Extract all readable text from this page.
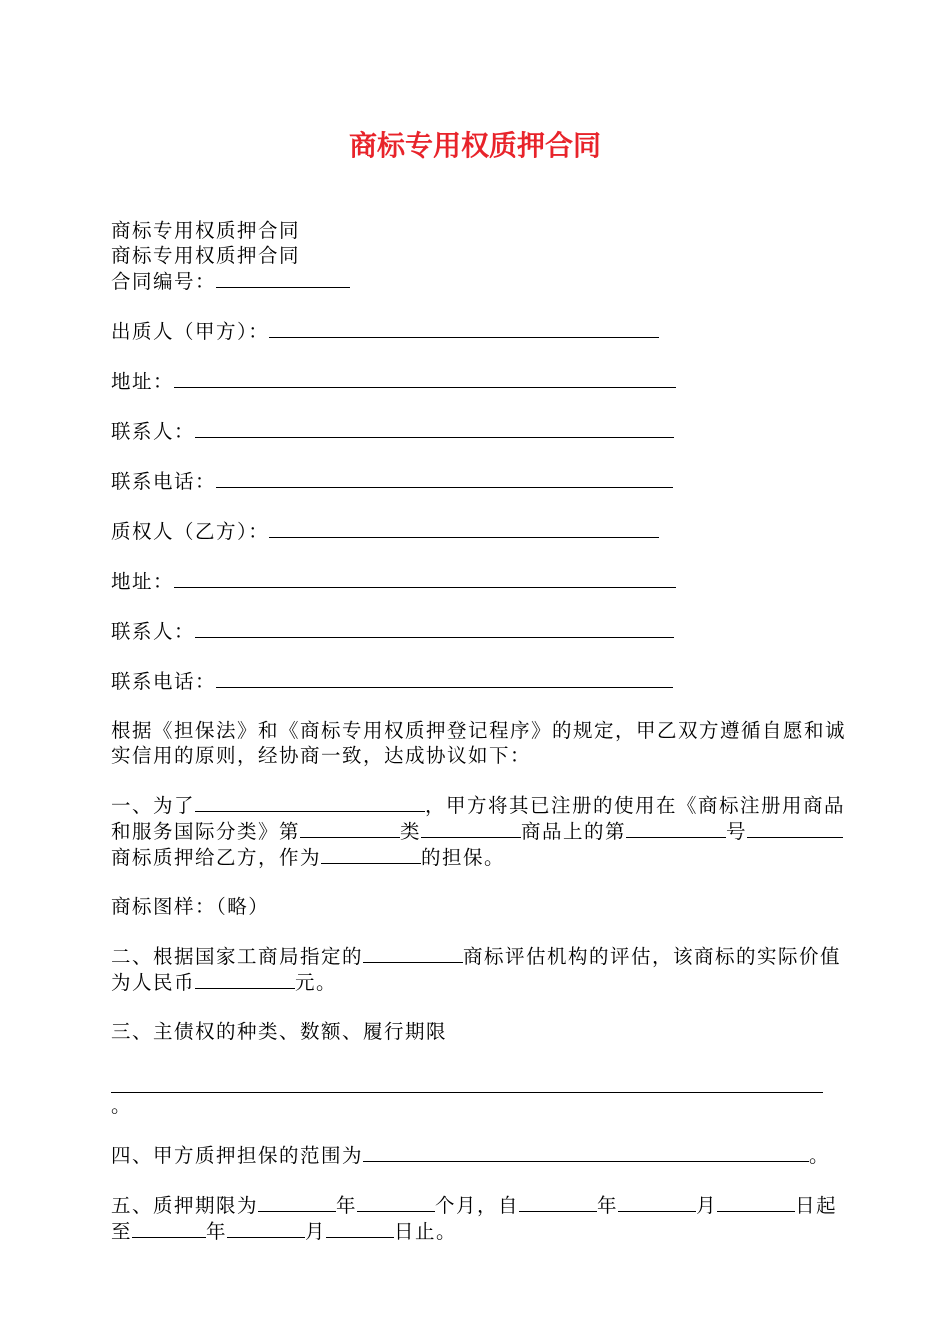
商标专用权质押合同

商标专用权质押合同

商标专用权质押合同

合同编号：

出质人（甲方）：

地址：

联系人：

联系电话：

质权人（乙方）：

地址：

联系人：

联系电话：

根据《担保法》和《商标专用权质押登记程序》的规定，甲乙双方遵循自愿和诚实信用的原则，经协商一致，达成协议如下：

一、为了	，甲方将其已注册的使用在《商标注册用商品和服务国际分类》第	类	商品上的第	号商标质押给乙方，作为	的担保。

商标图样：（略）

二、根据国家工商局指定的	商标评估机构的评估，该商标的实际价值为人民币	元。

三、主债权的种类、数额、履行期限

。

四、甲方质押担保的范围为	。

五、质押期限为	年	个月，自	年	月	日起至	年	月	日止。
